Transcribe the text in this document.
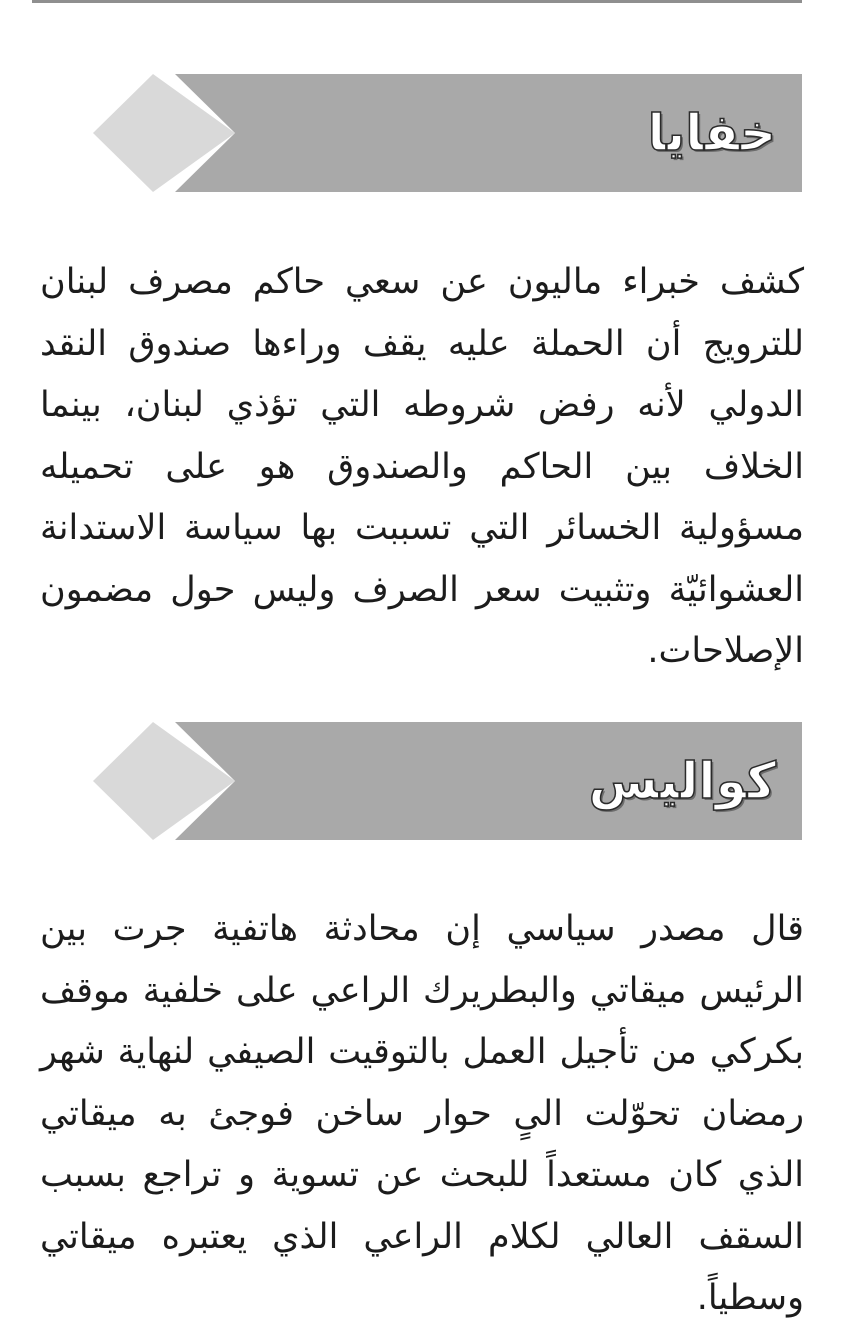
خفايا

كشف خبراء ماليون عن سعي حاكم مصرف لبنان للترويج أن الحملة عليه يقف وراءها صندوق النقد الدولي لأنه رفض شروطه التي تؤذي لبنان، بينما الخلاف بين الحاكم والصندوق هو على تحميله مسؤولية الخسائر التي تسببت بها سياسة الاستدانة العشوائيّة وتثبيت سعر الصرف وليس حول مضمون الإصلاحات.

كواليس

قال مصدر سياسي إن محادثة هاتفية جرت بين الرئيس ميقاتي والبطريرك الراعي على خلفية موقف بكركي من تأجيل العمل بالتوقيت الصيفي لنهاية شهر رمضان تحوّلت الىٍ حوار ساخن فوجئ به ميقاتي الذي كان مستعداً للبحث عن تسوية و تراجع بسبب السقف العالي لكلام الراعي الذي يعتبره ميقاتي وسطياً.
